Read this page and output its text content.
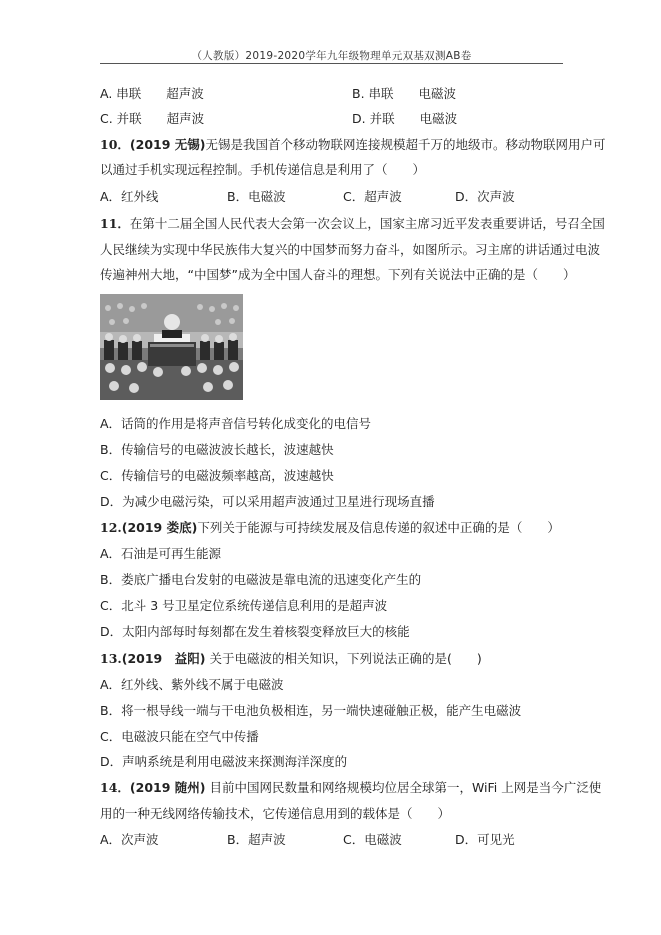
（人教版）2019-2020学年九年级物理单元双基双测AB卷
A. 串联　　超声波	B. 串联　　电磁波
C. 并联　　超声波	D. 并联　　电磁波
10．(2019 无锡)无锡是我国首个移动物联网连接规模超千万的地级市。移动物联网用户可
以通过手机实现远程控制。手机传递信息是利用了（　　）
A．红外线	B．电磁波	C．超声波	D．次声波
11．在第十二届全国人民代表大会第一次会议上，国家主席习近平发表重要讲话，号召全国
人民继续为实现中华民族伟大复兴的中国梦而努力奋斗，如图所示。习主席的讲话通过电波
传遍神州大地，“中国梦”成为全中国人奋斗的理想。下列有关说法中正确的是（　　）
A．话筒的作用是将声音信号转化成变化的电信号
B．传输信号的电磁波波长越长，波速越快
C．传输信号的电磁波频率越高，波速越快
D．为减少电磁污染，可以采用超声波通过卫星进行现场直播
12.(2019 娄底)下列关于能源与可持续发展及信息传递的叙述中正确的是（　　）
A．石油是可再生能源
B．娄底广播电台发射的电磁波是靠电流的迅速变化产生的
C．北斗 3 号卫星定位系统传递信息利用的是超声波
D．太阳内部每时每刻都在发生着核裂变释放巨大的核能
13.(2019　益阳) 关于电磁波的相关知识，下列说法正确的是(　　)
A．红外线、紫外线不属于电磁波
B．将一根导线一端与干电池负极相连，另一端快速碰触正极，能产生电磁波
C．电磁波只能在空气中传播
D．声呐系统是利用电磁波来探测海洋深度的
14．(2019 随州) 目前中国网民数量和网络规模均位居全球第一，WiFi 上网是当今广泛使
用的一种无线网络传输技术，它传递信息用到的载体是（　　）
A．次声波	B．超声波	C．电磁波	D．可见光
